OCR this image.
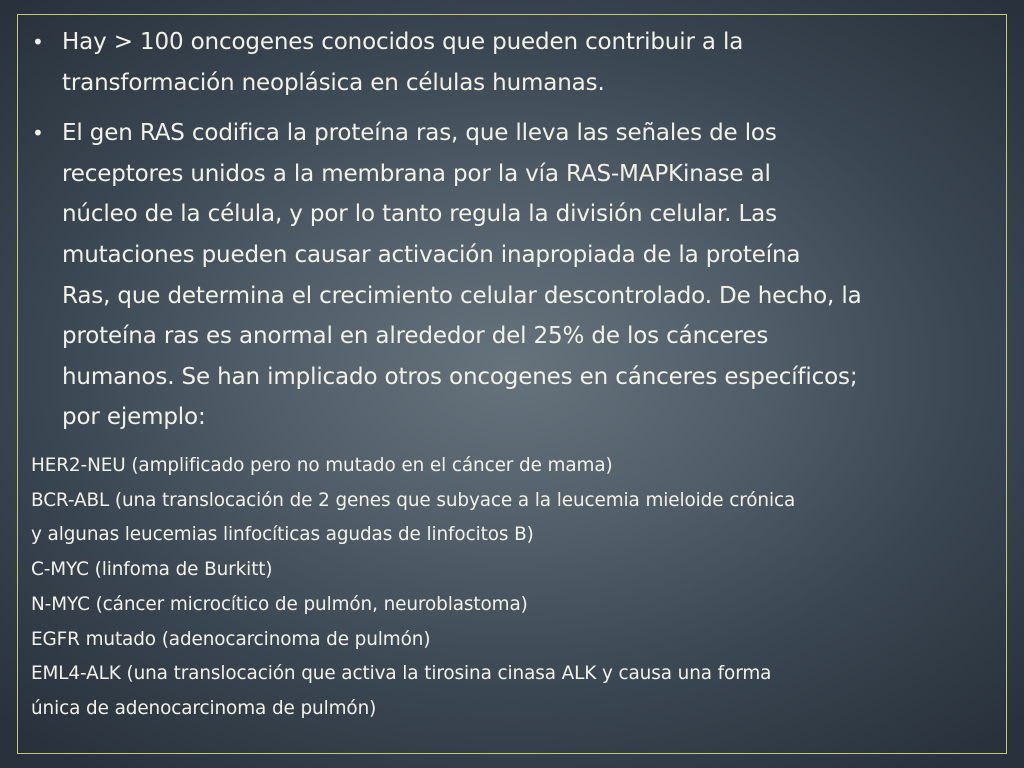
• Hay > 100 oncogenes conocidos que pueden contribuir a la
transformación neoplásica en células humanas.
• El gen RAS codifica la proteína ras, que lleva las señales de los
receptores unidos a la membrana por la vía RAS-MAPKinase al
núcleo de la célula, y por lo tanto regula la división celular. Las
mutaciones pueden causar activación inapropiada de la proteína
Ras, que determina el crecimiento celular descontrolado. De hecho, la
proteína ras es anormal en alrededor del 25% de los cánceres
humanos. Se han implicado otros oncogenes en cánceres específicos;
por ejemplo:
HER2-NEU (amplificado pero no mutado en el cáncer de mama)
BCR-ABL (una translocación de 2 genes que subyace a la leucemia mieloide crónica
y algunas leucemias linfocíticas agudas de linfocitos B)
C-MYC (linfoma de Burkitt)
N-MYC (cáncer microcítico de pulmón, neuroblastoma)
EGFR mutado (adenocarcinoma de pulmón)
EML4-ALK (una translocación que activa la tirosina cinasa ALK y causa una forma
única de adenocarcinoma de pulmón)
